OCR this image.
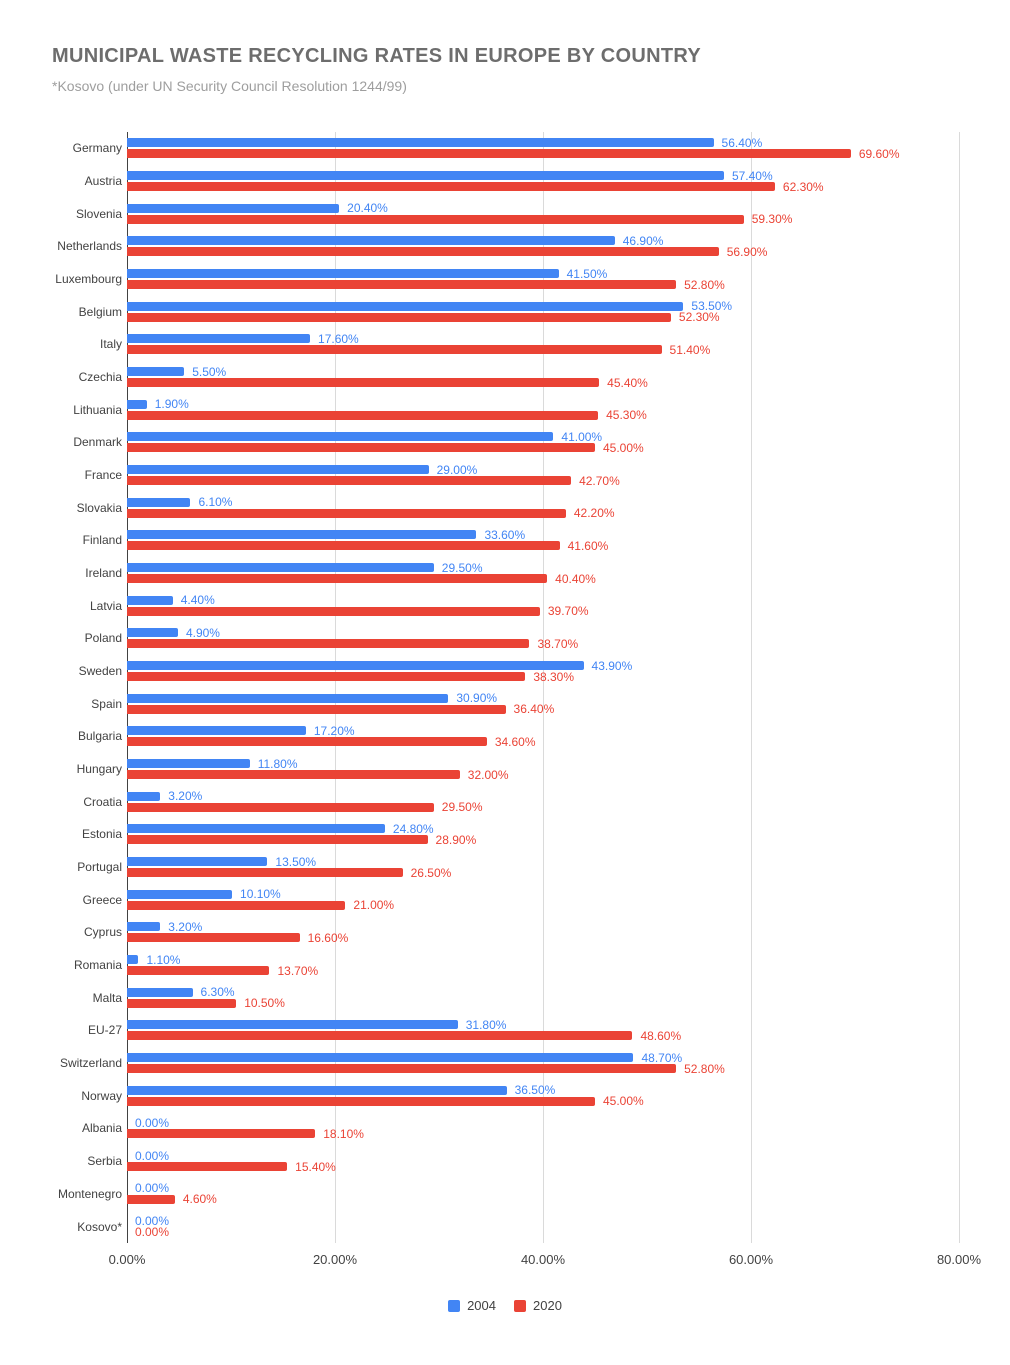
MUNICIPAL WASTE RECYCLING RATES IN EUROPE BY COUNTRY
*Kosovo (under UN Security Council Resolution 1244/99)
Germany	56.40%
69.60%
Austria	57.40%
62.30%
Slovenia	20.40%
59.30%
Netherlands	46.90%
56.90%
Luxembourg	41.50%
52.80%
Belgium	53.50%
52.30%
Italy	17.60%
51.40%
Czechia	5.50%
45.40%
Lithuania	1.90%
45.30%
Denmark	41.00%
45.00%
France	29.00%
42.70%
Slovakia	6.10%
42.20%
Finland	33.60%
41.60%
Ireland	29.50%
40.40%
Latvia	4.40%
39.70%
Poland	4.90%
38.70%
Sweden	43.90%
38.30%
Spain	30.90%
36.40%
Bulgaria	17.20%
34.60%
Hungary	11.80%
32.00%
Croatia	3.20%
29.50%
Estonia	24.80%
28.90%
Portugal	13.50%
26.50%
Greece	10.10%
21.00%
Cyprus	3.20%
16.60%
Romania 1.10%
13.70%
Malta	6.30%
10.50%
EU-27	31.80%
48.60%
Switzerland	48.70%
52.80%
Norway	36.50%
45.00%
Albania 0.00%
18.10%
Serbia 0.00%
15.40%
Montenegro 0.00%
4.60%
Kosovo* 0.00%
0.00%
0.00%	20.00%	40.00%	60.00%	80.00%
2004	2020
